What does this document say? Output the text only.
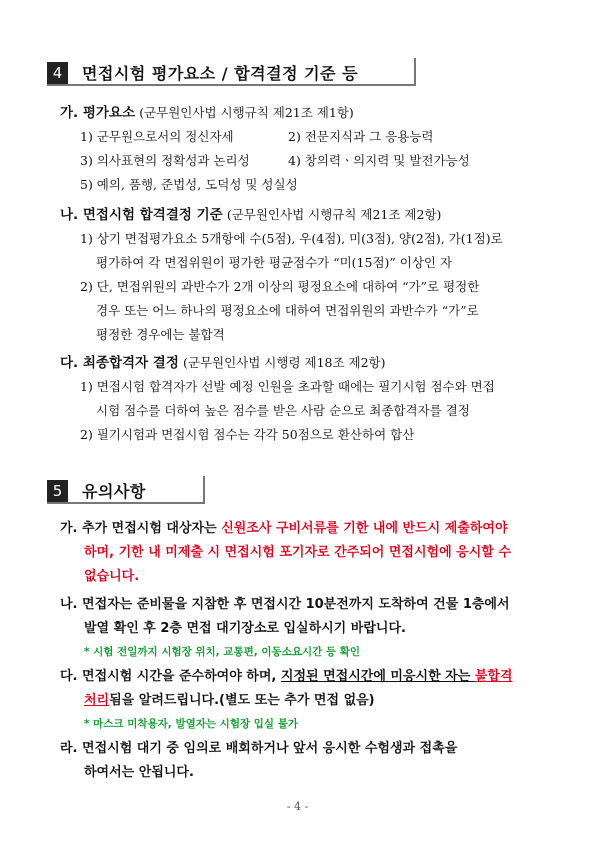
4	면접시험 평가요소 / 합격결정 기준 등
가. 평가요소 (군무원인사법 시행규칙 제21조 제1항)
1) 군무원으로서의 정신자세	2) 전문지식과 그 응용능력
3) 의사표현의 정확성과 논리성	4) 창의력ㆍ의지력 및 발전가능성
5) 예의, 품행, 준법성, 도덕성 및 성실성
나. 면접시험 합격결정 기준 (군무원인사법 시행규칙 제21조 제2항)
1) 상기 면접평가요소 5개항에 수(5점), 우(4점), 미(3점), 양(2점), 가(1점)로
평가하여 각 면접위원이 평가한 평균점수가 “미(15점)” 이상인 자
2) 단, 면접위원의 과반수가 2개 이상의 평정요소에 대하여 “가”로 평정한
경우 또는 어느 하나의 평정요소에 대하여 면접위원의 과반수가 “가”로
평정한 경우에는 불합격
다. 최종합격자 결정 (군무원인사법 시행령 제18조 제2항)
1) 면접시험 합격자가 선발 예정 인원을 초과할 때에는 필기시험 점수와 면접
시험 점수를 더하여 높은 점수를 받은 사람 순으로 최종합격자를 결정
2) 필기시험과 면접시험 점수는 각각 50점으로 환산하여 합산
5	유의사항
가. 추가 면접시험 대상자는 신원조사 구비서류를 기한 내에 반드시 제출하여야
하며, 기한 내 미제출 시 면접시험 포기자로 간주되어 면접시험에 응시할 수
없습니다.
나. 면접자는 준비물을 지참한 후 면접시간 10분전까지 도착하여 건물 1층에서
발열 확인 후 2층 면접 대기장소로 입실하시기 바랍니다.
* 시험 전일까지 시험장 위치, 교통편, 이동소요시간 등 확인
다. 면접시험 시간을 준수하여야 하며, 지정된 면접시간에 미응시한 자는 불합격
처리됨을 알려드립니다.(별도 또는 추가 면접 없음)
* 마스크 미착용자, 발열자는 시험장 입실 불가
라. 면접시험 대기 중 임의로 배회하거나 앞서 응시한 수험생과 접촉을
하여서는 안됩니다.
- 4 -
